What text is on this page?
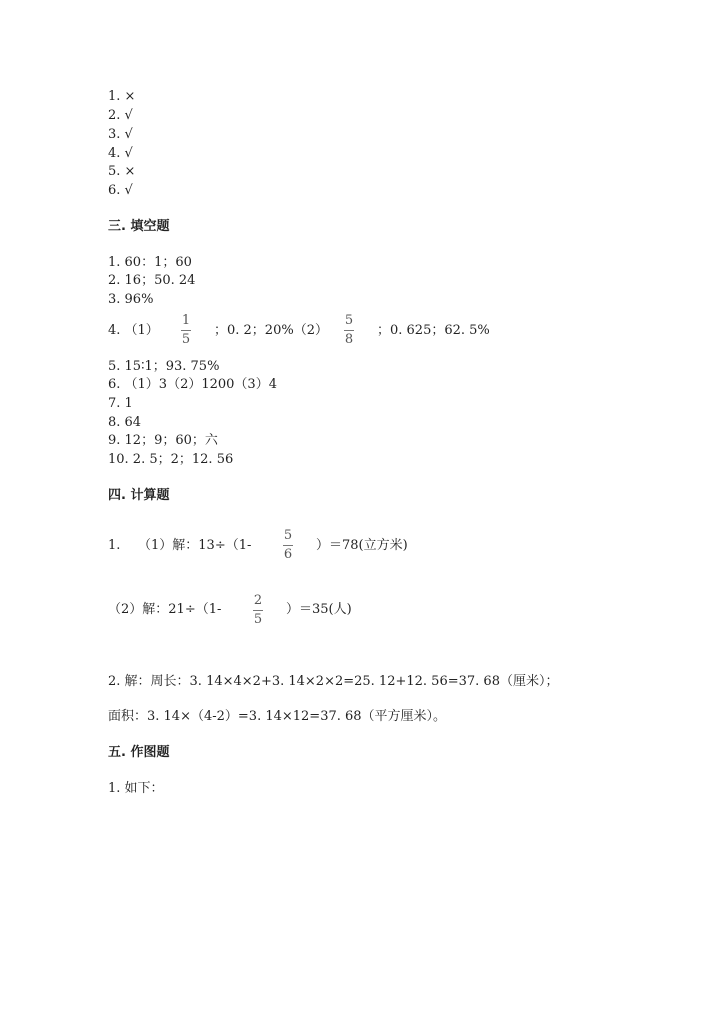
1. ×
2. √
3. √
4. √
5. ×
6. √
三. 填空题
1. 60：1；60
2. 16；50. 24
3. 96%
4. （1）
1
5
；0. 2；20%（2）
5
8
；0. 625；62. 5%
5. 15∶1；93. 75%
6. （1）3（2）1200（3）4
7. 1
8. 64
9. 12；9；60；六
10. 2. 5；2；12. 56
四. 计算题
1. （1）解：13÷（1-
5
6
）＝78(立方米)
（2）解：21÷（1-
2
5
）＝35(人)
2. 解：周长：3. 14×4×2+3. 14×2×2=25. 12+12. 56=37. 68（厘米）；
面积：3. 14×（4-2）=3. 14×12=37. 68（平方厘米）。
五. 作图题
1. 如下：
